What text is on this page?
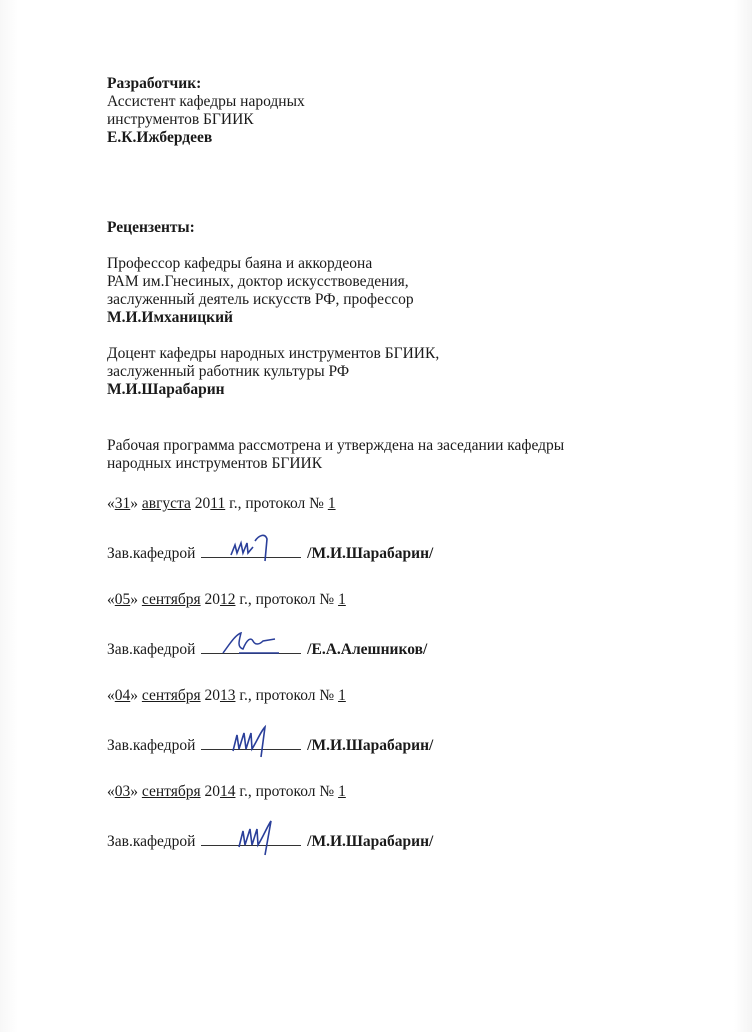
Разработчик:
Ассистент кафедры народных
инструментов БГИИК
Е.К.Ижбердеев
Рецензенты:
Профессор кафедры баяна и аккордеона
РАМ им.Гнесиных, доктор искусствоведения,
заслуженный деятель искусств РФ, профессор
М.И.Имханицкий
Доцент кафедры народных инструментов БГИИК,
заслуженный работник культуры РФ
М.И.Шарабарин
Рабочая программа рассмотрена и утверждена на заседании кафедры
народных инструментов БГИИК
«31» августа 2011 г., протокол № 1
Зав.кафедрой	/М.И.Шарабарин/
«05» сентября 2012 г., протокол № 1
Зав.кафедрой	/Е.А.Алешников/
«04» сентября 2013 г., протокол № 1
Зав.кафедрой	/М.И.Шарабарин/
«03» сентября 2014 г., протокол № 1
Зав.кафедрой	/М.И.Шарабарин/
